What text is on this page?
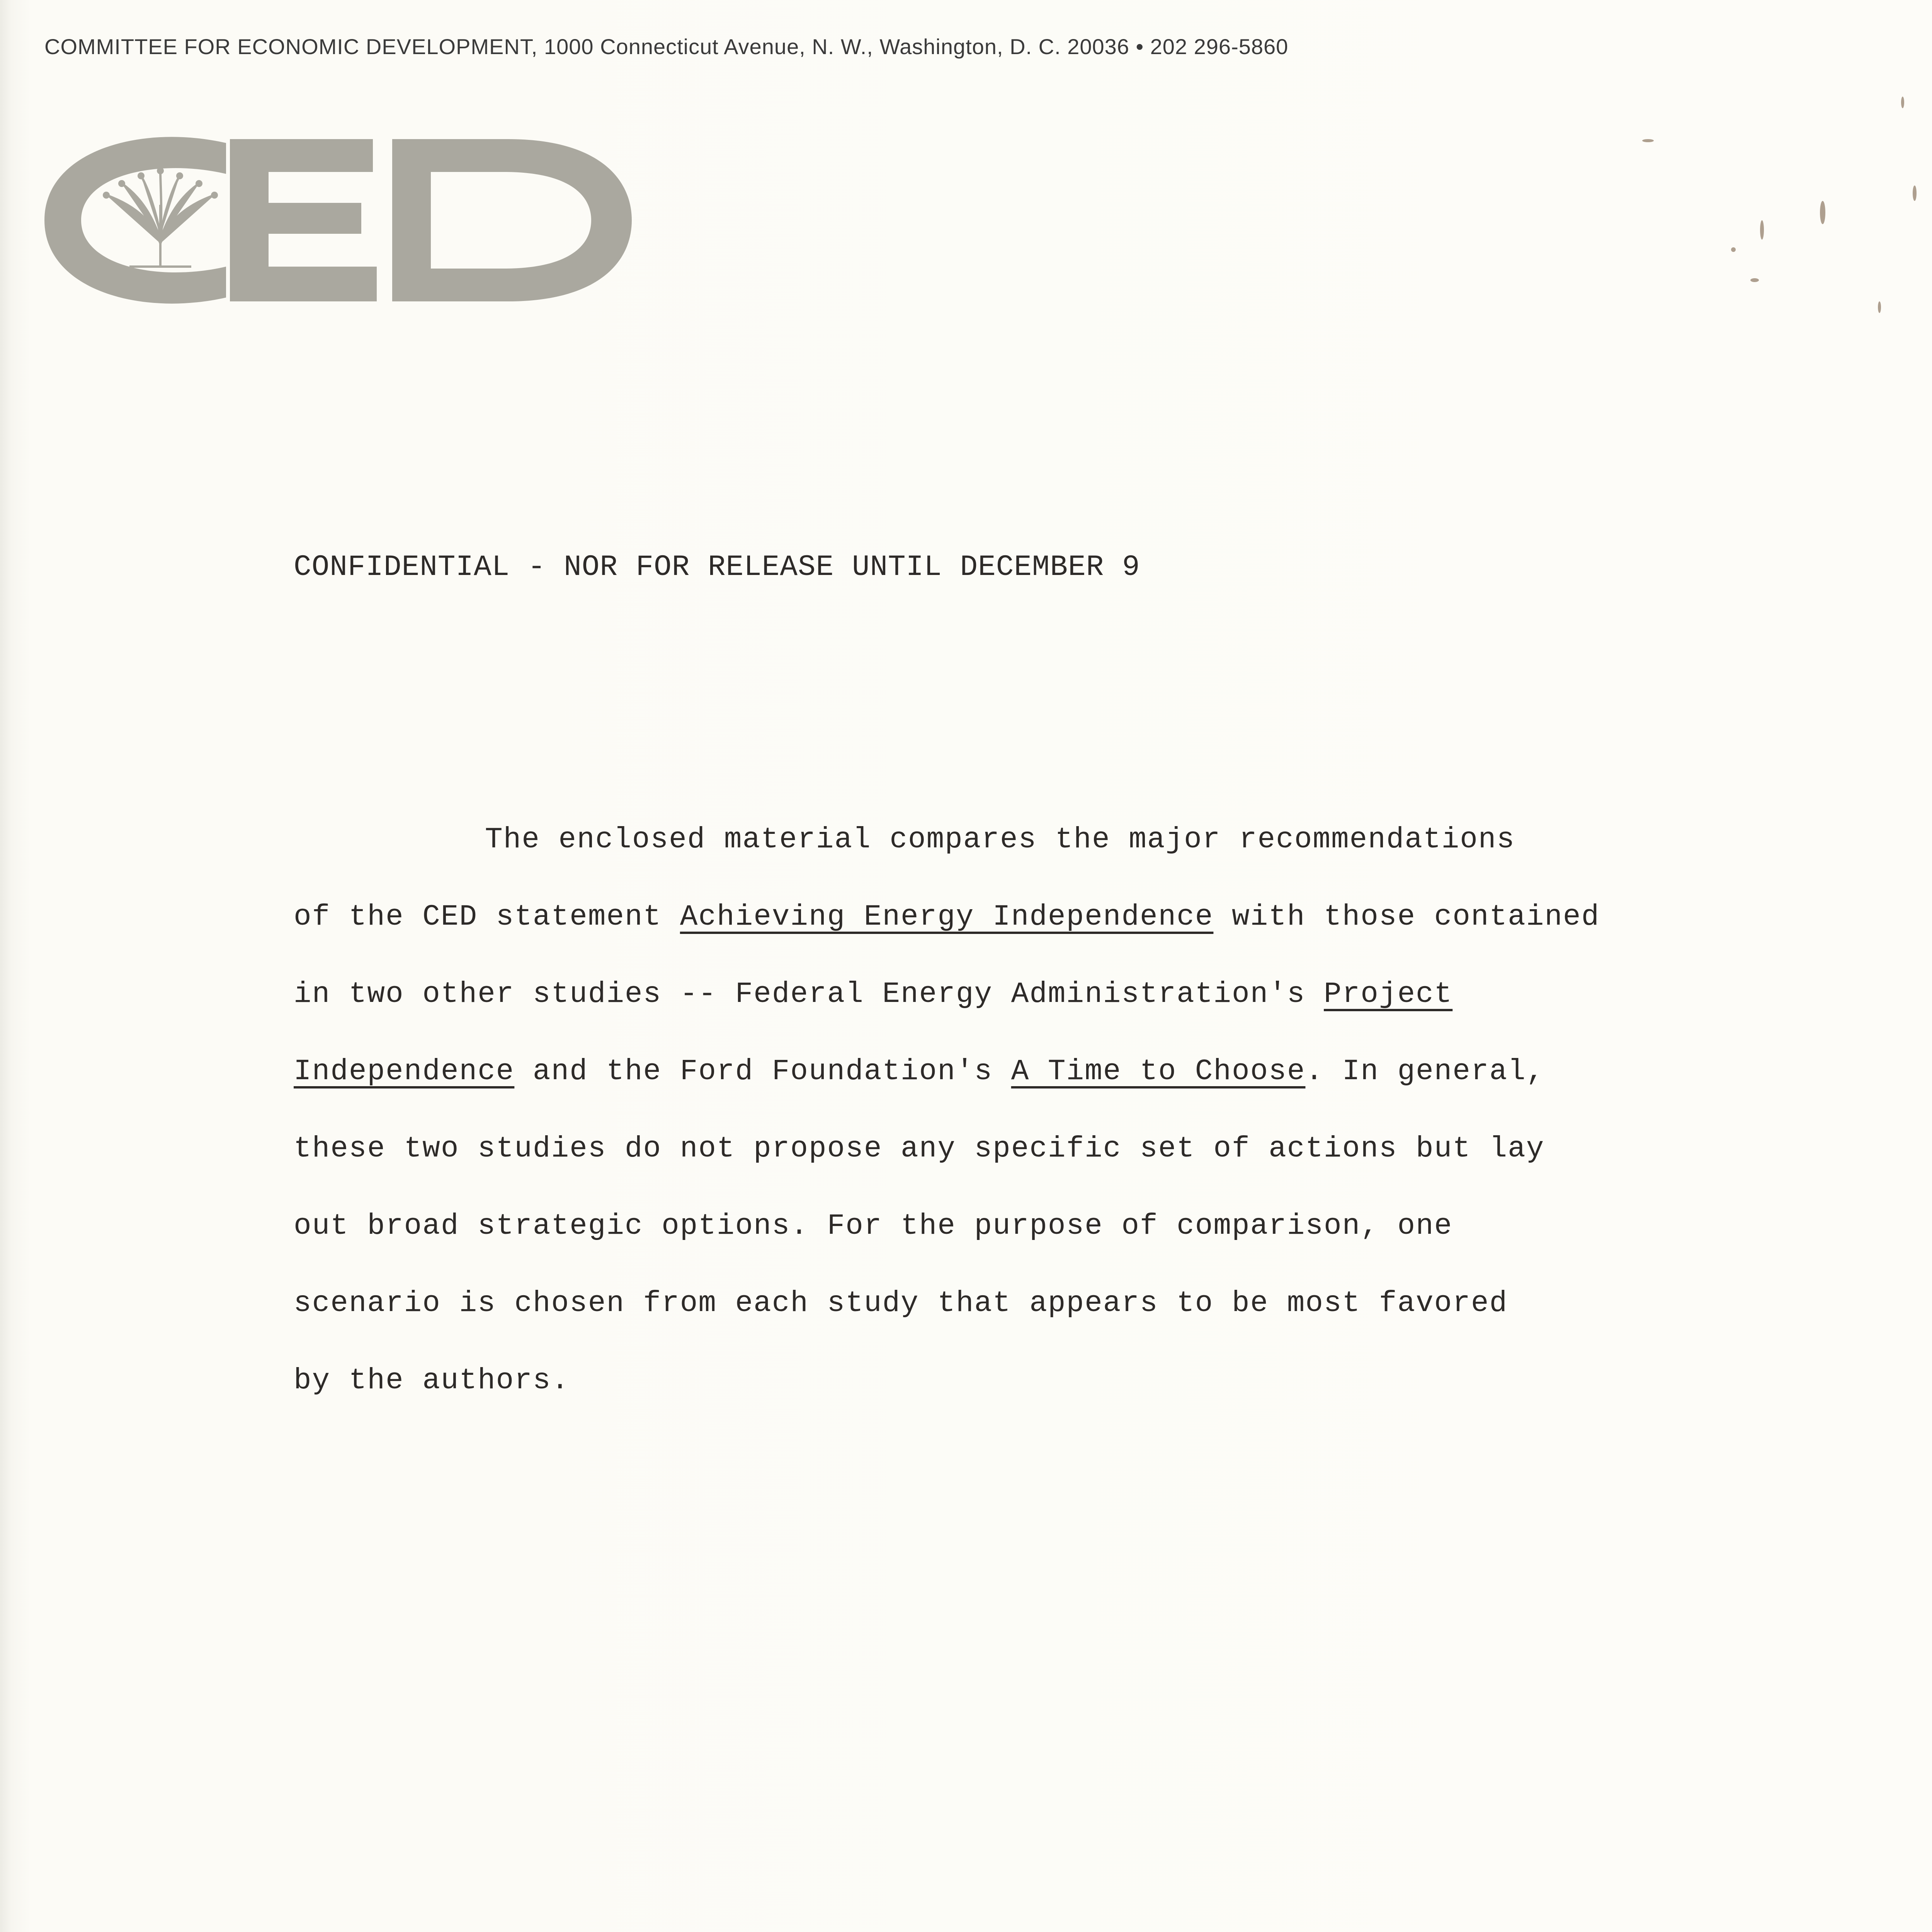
COMMITTEE FOR ECONOMIC DEVELOPMENT, 1000 Connecticut Avenue, N. W., Washington, D. C. 20036 • 202 296-5860
CONFIDENTIAL - NOR FOR RELEASE UNTIL DECEMBER 9
The enclosed material compares the major recommendations
of the CED statement Achieving Energy Independence with those contained
in two other studies -- Federal Energy Administration's Project
Independence and the Ford Foundation's A Time to Choose. In general,
these two studies do not propose any specific set of actions but lay
out broad strategic options. For the purpose of comparison, one
scenario is chosen from each study that appears to be most favored
by the authors.
